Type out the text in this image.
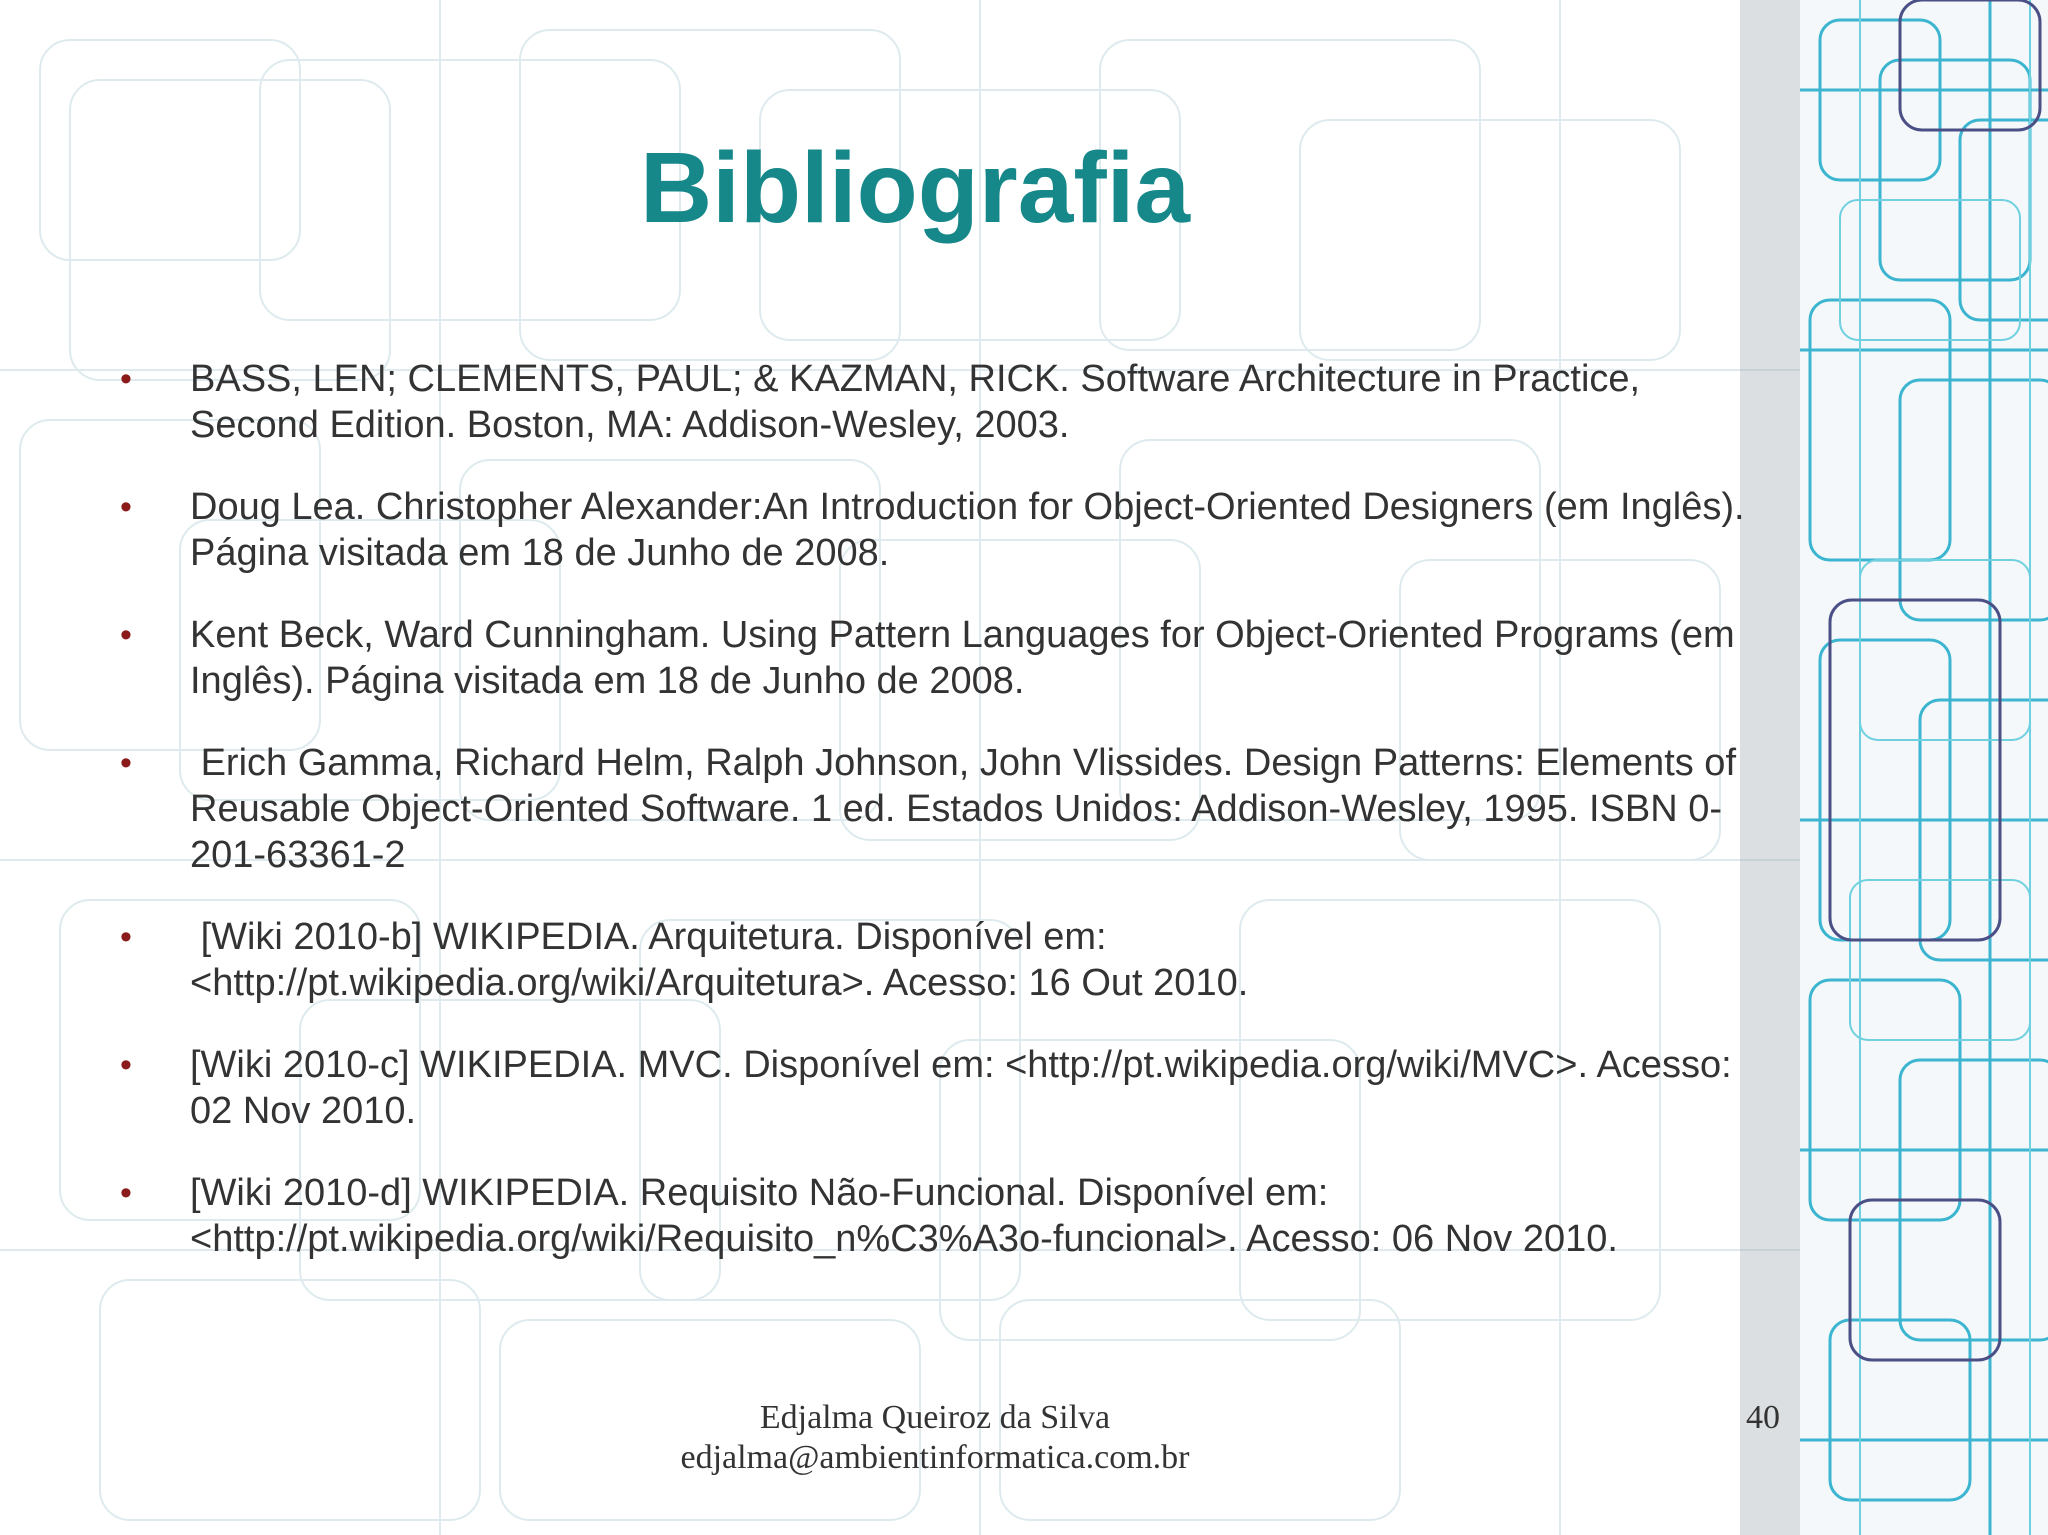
Bibliografia
• BASS, LEN; CLEMENTS, PAUL; & KAZMAN, RICK. Software Architecture in Practice, Second Edition. Boston, MA: Addison-Wesley, 2003.
• Doug Lea. Christopher Alexander:An Introduction for Object-Oriented Designers (em Inglês). Página visitada em 18 de Junho de 2008.
• Kent Beck, Ward Cunningham. Using Pattern Languages for Object-Oriented Programs (em Inglês). Página visitada em 18 de Junho de 2008.
• Erich Gamma, Richard Helm, Ralph Johnson, John Vlissides. Design Patterns: Elements of Reusable Object-Oriented Software. 1 ed. Estados Unidos: Addison-Wesley, 1995. ISBN 0-201-63361-2
• [Wiki 2010-b] WIKIPEDIA. Arquitetura. Disponível em: <http://pt.wikipedia.org/wiki/Arquitetura>. Acesso: 16 Out 2010.
• [Wiki 2010-c] WIKIPEDIA. MVC. Disponível em: <http://pt.wikipedia.org/wiki/MVC>. Acesso: 02 Nov 2010.
• [Wiki 2010-d] WIKIPEDIA. Requisito Não-Funcional. Disponível em: <http://pt.wikipedia.org/wiki/Requisito_n%C3%A3o-funcional>. Acesso: 06 Nov 2010.
Edjalma Queiroz da Silva
edjalma@ambientinformatica.com.br
40
